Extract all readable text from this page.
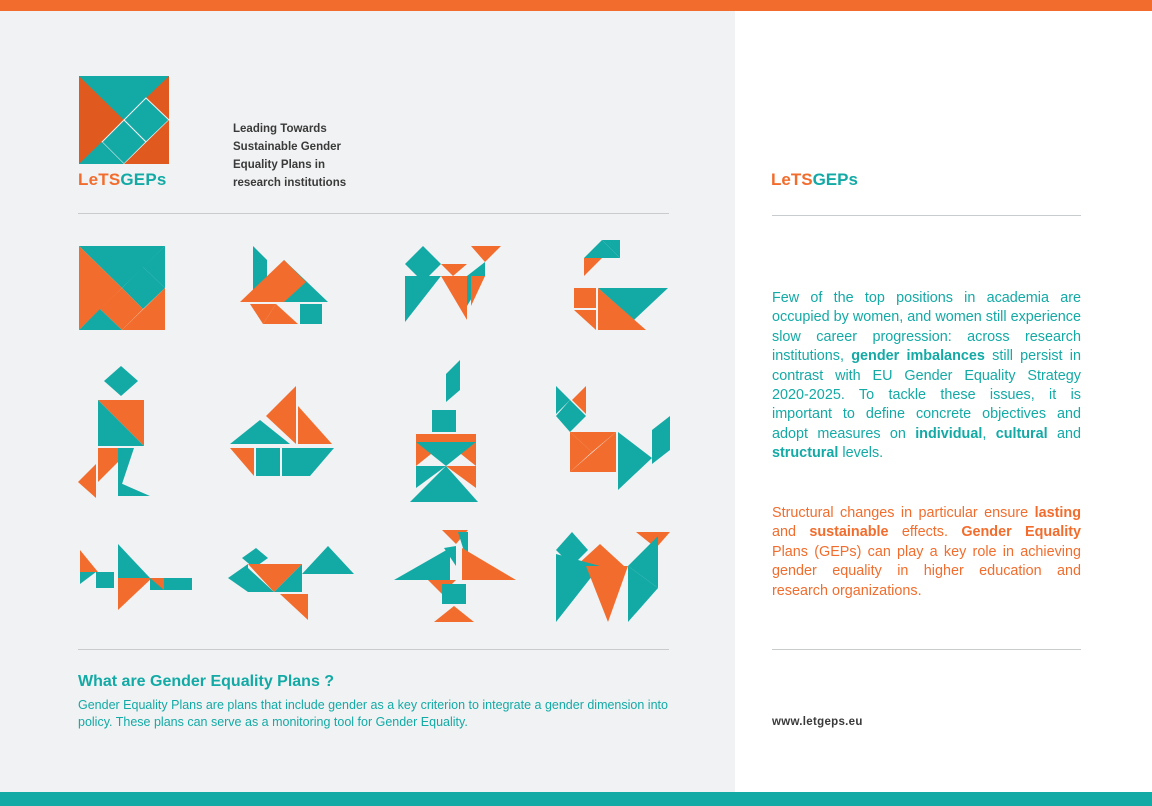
LeTSGEPs
Leading Towards
Sustainable Gender
Equality Plans in
research institutions
What are Gender Equality Plans ?
Gender Equality Plans are plans that include gender as a key criterion to integrate a gender dimension into policy. These plans can serve as a monitoring tool for Gender Equality.
LeTSGEPs
Few of the top positions in academia are occupied by women, and women still experience slow career progression: across research institutions, gender imbalances still persist in contrast with EU Gender Equality Strategy 2020-2025. To tackle these issues, it is important to define concrete objectives and adopt measures on individual, cultural and structural levels.
Structural changes in particular ensure lasting and sustainable effects. Gender Equality Plans (GEPs) can play a key role in achieving gender equality in higher education and research organizations.
www.letgeps.eu
